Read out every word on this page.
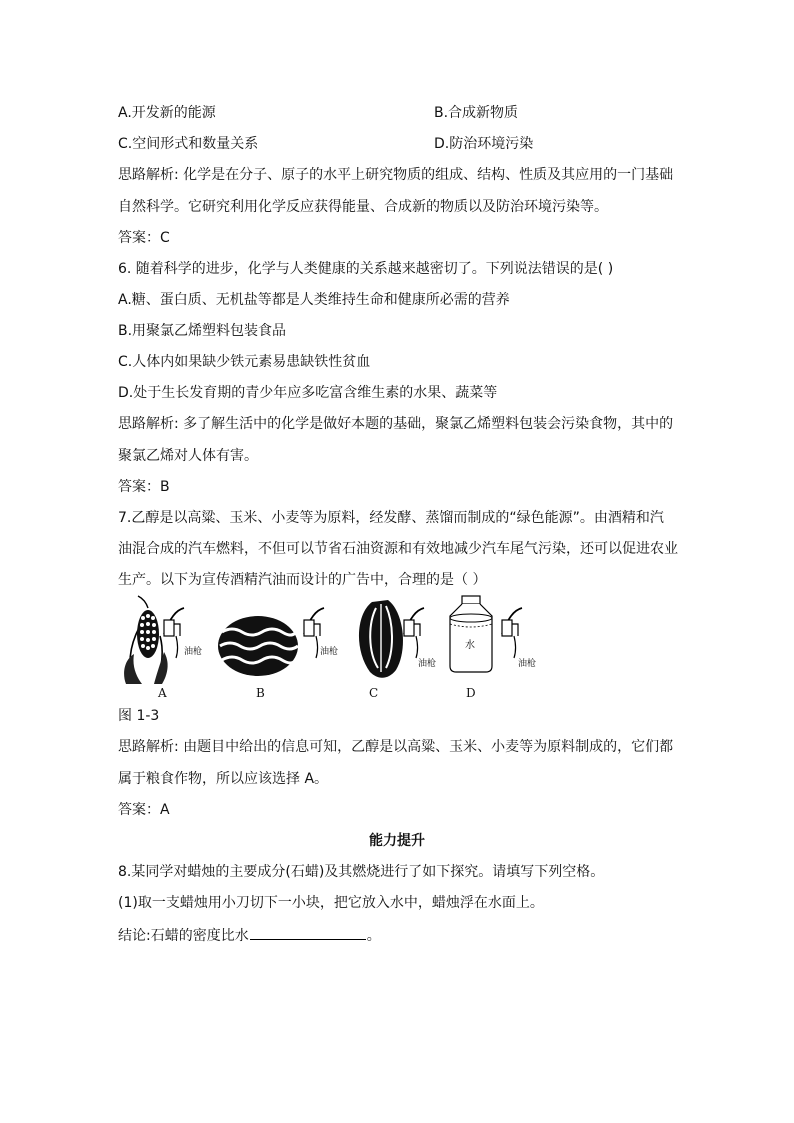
A.开发新的能源	B.合成新物质
C.空间形式和数量关系	D.防治环境污染
思路解析: 化学是在分子、原子的水平上研究物质的组成、结构、性质及其应用的一门基础
自然科学。它研究利用化学反应获得能量、合成新的物质以及防治环境污染等。
答案：C
6. 随着科学的进步，化学与人类健康的关系越来越密切了。下列说法错误的是( )
A.糖、蛋白质、无机盐等都是人类维持生命和健康所必需的营养
B.用聚氯乙烯塑料包装食品
C.人体内如果缺少铁元素易患缺铁性贫血
D.处于生长发育期的青少年应多吃富含维生素的水果、蔬菜等
思路解析: 多了解生活中的化学是做好本题的基础，聚氯乙烯塑料包装会污染食物，其中的
聚氯乙烯对人体有害。
答案：B
7.乙醇是以高粱、玉米、小麦等为原料，经发酵、蒸馏而制成的“绿色能源”。由酒精和汽
油混合成的汽车燃料，不但可以节省石油资源和有效地减少汽车尾气污染，还可以促进农业
生产。以下为宣传酒精汽油而设计的广告中，合理的是（ ）
油枪
A
油枪
B
油枪
C
水
油枪
D
图 1-3
思路解析: 由题目中给出的信息可知，乙醇是以高粱、玉米、小麦等为原料制成的，它们都
属于粮食作物，所以应该选择 A。
答案：A
能力提升
8.某同学对蜡烛的主要成分(石蜡)及其燃烧进行了如下探究。请填写下列空格。
(1)取一支蜡烛用小刀切下一小块，把它放入水中，蜡烛浮在水面上。
结论:石蜡的密度比水	。
